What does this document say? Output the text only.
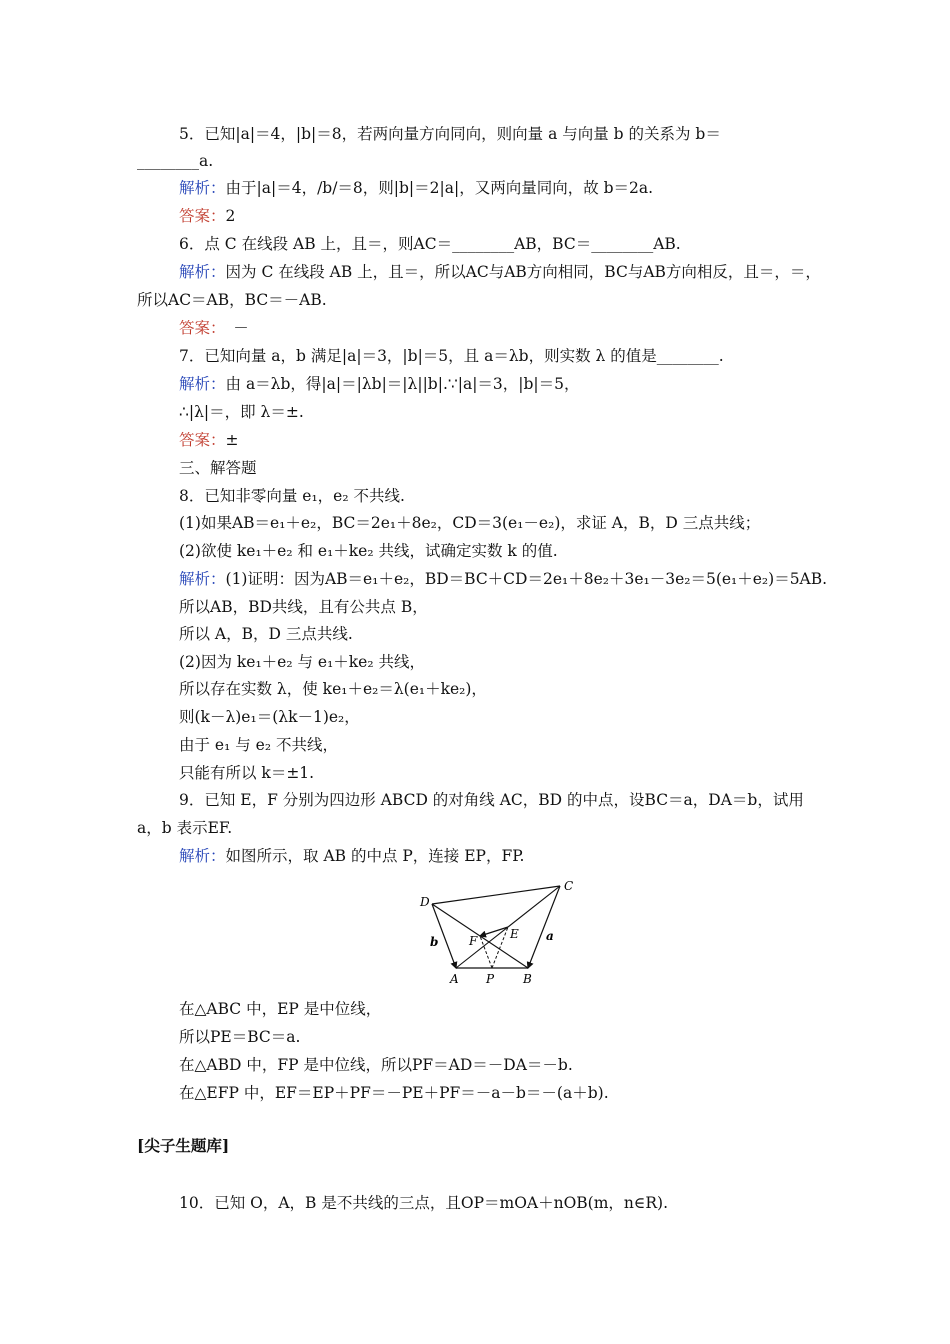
5．已知|a|＝4，|b|＝8，若两向量方向同向，则向量 a 与向量 b 的关系为 b＝
________a.
解析：由于|a|＝4，/b/＝8，则|b|＝2|a|，又两向量同向，故 b＝2a.
答案：2
6．点 C 在线段 AB 上，且＝，则AC＝________AB，BC＝________AB.
解析：因为 C 在线段 AB 上，且＝，所以AC与AB方向相同，BC与AB方向相反，且＝，＝，
所以AC＝AB，BC＝－AB.
答案：　－
7．已知向量 a，b 满足|a|＝3，|b|＝5，且 a＝λb，则实数 λ 的值是________.
解析：由 a＝λb，得|a|＝|λb|＝|λ||b|.∵|a|＝3，|b|＝5，
∴|λ|＝，即 λ＝±.
答案：±
三、解答题
8．已知非零向量 e₁，e₂ 不共线.
(1)如果AB＝e₁＋e₂，BC＝2e₁＋8e₂，CD＝3(e₁－e₂)，求证 A，B，D 三点共线；
(2)欲使 ke₁＋e₂ 和 e₁＋ke₂ 共线，试确定实数 k 的值.
解析：(1)证明：因为AB＝e₁＋e₂，BD＝BC＋CD＝2e₁＋8e₂＋3e₁－3e₂＝5(e₁＋e₂)＝5AB.
所以AB，BD共线，且有公共点 B，
所以 A，B，D 三点共线.
(2)因为 ke₁＋e₂ 与 e₁＋ke₂ 共线，
所以存在实数 λ，使 ke₁＋e₂＝λ(e₁＋ke₂)，
则(k－λ)e₁＝(λk－1)e₂，
由于 e₁ 与 e₂ 不共线，
只能有所以 k＝±1.
9．已知 E，F 分别为四边形 ABCD 的对角线 AC，BD 的中点，设BC＝a，DA＝b，试用
a，b 表示EF.
解析：如图所示，取 AB 的中点 P，连接 EP，FP.
D
C
F	E
A P B
a
b
在△ABC 中，EP 是中位线，
所以PE＝BC＝a.
在△ABD 中，FP 是中位线，所以PF＝AD＝－DA＝－b.
在△EFP 中，EF＝EP＋PF＝－PE＋PF＝－a－b＝－(a＋b).
[尖子生题库]
10．已知 O，A，B 是不共线的三点，且OP＝mOA＋nOB(m，n∈R).
